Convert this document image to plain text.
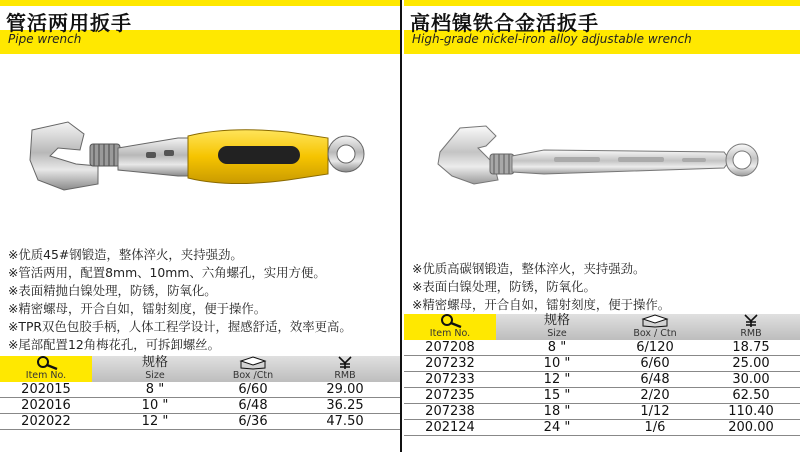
管活两用扳手
Pipe wrench
※优质45#钢锻造，整体淬火，夹持强劲。
※管活两用，配置8mm、10mm、六角螺孔，实用方便。
※表面精抛白镍处理，防锈，防氧化。
※精密螺母，开合自如，镭射刻度，便于操作。
※TPR双色包胶手柄，人体工程学设计，握感舒适，效率更高。
※尾部配置12角梅花孔，可拆卸螺丝。
Item No.
规格
Size	Box /Ctn	RMB
202015	8 "	6/60	29.00
202016	10 "	6/48	36.25
202022	12 "	6/36	47.50
高档镍铁合金活扳手
High-grade nickel-iron alloy adjustable wrench
※优质高碳钢锻造，整体淬火，夹持强劲。
※表面白镍处理，防锈，防氧化。
※精密螺母，开合自如，镭射刻度，便于操作。
Item No.
规格
Size	Box / Ctn	RMB
207208	8 "	6/120	18.75
207232	10 "	6/60	25.00
207233	12 "	6/48	30.00
207235	15 "	2/20	62.50
207238	18 "	1/12	110.40
202124	24 "	1/6	200.00
